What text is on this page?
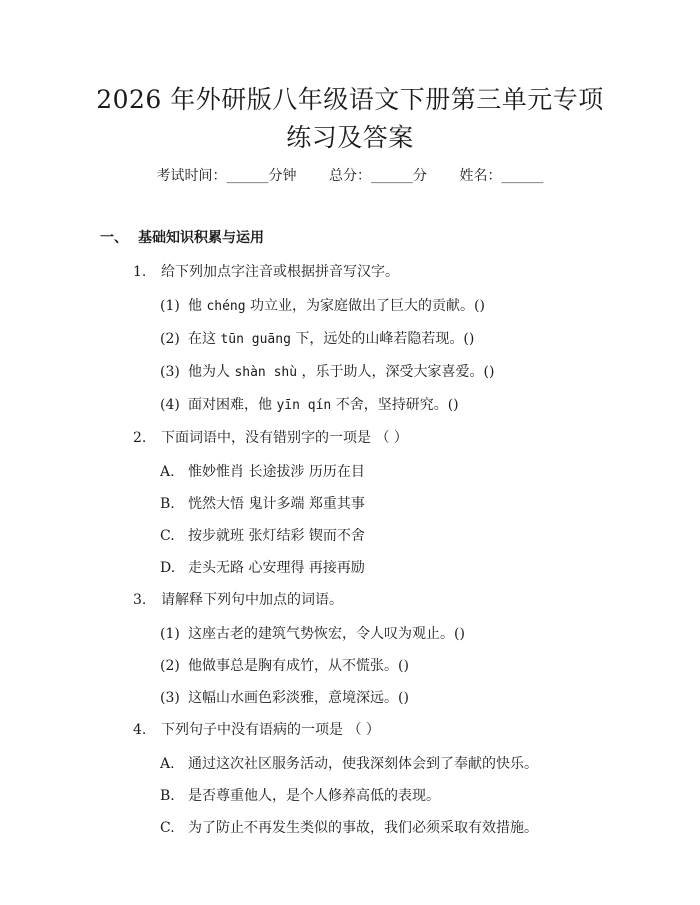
2026 年外研版八年级语文下册第三单元专项
练习及答案
考试时间：______分钟 总分：______分 姓名：______
一、 基础知识积累与运用
1. 给下列加点字注音或根据拼音写汉字。
(1) 他 chéng 功立业，为家庭做出了巨大的贡献。()
(2) 在这 tūn guāng 下，远处的山峰若隐若现。()
(3) 他为人 shàn shù ，乐于助人，深受大家喜爱。()
(4) 面对困难，他 yīn qín 不舍，坚持研究。()
2. 下面词语中，没有错别字的一项是 （ ）
A. 惟妙惟肖 长途拔涉 历历在目
B. 恍然大悟 鬼计多端 郑重其事
C. 按步就班 张灯结彩 锲而不舍
D. 走头无路 心安理得 再接再励
3. 请解释下列句中加点的词语。
(1) 这座古老的建筑气势恢宏，令人叹为观止。()
(2) 他做事总是胸有成竹，从不慌张。()
(3) 这幅山水画色彩淡雅，意境深远。()
4. 下列句子中没有语病的一项是 （ ）
A. 通过这次社区服务活动，使我深刻体会到了奉献的快乐。
B. 是否尊重他人，是个人修养高低的表现。
C. 为了防止不再发生类似的事故，我们必须采取有效措施。
